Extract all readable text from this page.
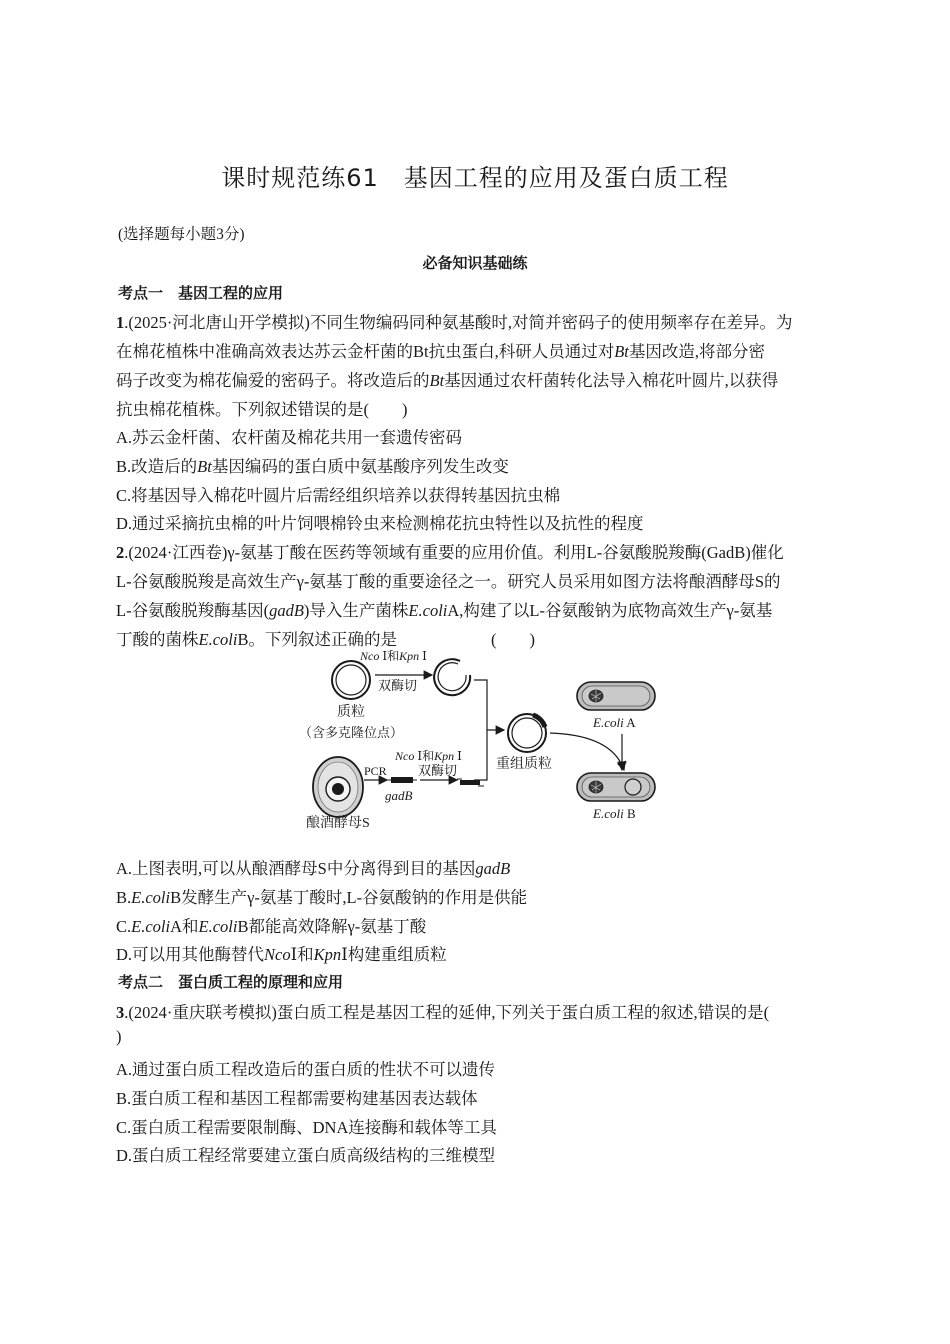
课时规范练61　基因工程的应用及蛋白质工程
(选择题每小题3分)
必备知识基础练
考点一　基因工程的应用
1.(2025·河北唐山开学模拟)不同生物编码同种氨基酸时,对简并密码子的使用频率存在差异。为
在棉花植株中准确高效表达苏云金杆菌的Bt抗虫蛋白,科研人员通过对Bt基因改造,将部分密
码子改变为棉花偏爱的密码子。将改造后的Bt基因通过农杆菌转化法导入棉花叶圆片,以获得
抗虫棉花植株。下列叙述错误的是(　　)
A.苏云金杆菌、农杆菌及棉花共用一套遗传密码
B.改造后的Bt基因编码的蛋白质中氨基酸序列发生改变
C.将基因导入棉花叶圆片后需经组织培养以获得转基因抗虫棉
D.通过采摘抗虫棉的叶片饲喂棉铃虫来检测棉花抗虫特性以及抗性的程度
2.(2024·江西卷)γ-氨基丁酸在医药等领域有重要的应用价值。利用L-谷氨酸脱羧酶(GadB)催化
L-谷氨酸脱羧是高效生产γ-氨基丁酸的重要途径之一。研究人员采用如图方法将酿酒酵母S的
L-谷氨酸脱羧酶基因(gadB)导入生产菌株E.coliA,构建了以L-谷氨酸钠为底物高效生产γ-氨基
丁酸的菌株E.coliB。下列叙述正确的是	(　　)
质粒
（含多克隆位点）
Nco Ⅰ和Kpn Ⅰ
双酶切
重组质粒
E.coli A
E.coli B
酿酒酵母S
PCR
gadB
Nco Ⅰ和Kpn Ⅰ
双酶切
A.上图表明,可以从酿酒酵母S中分离得到目的基因gadB
B.E.coliB发酵生产γ-氨基丁酸时,L-谷氨酸钠的作用是供能
C.E.coliA和E.coliB都能高效降解γ-氨基丁酸
D.可以用其他酶替代NcoⅠ和KpnⅠ构建重组质粒
考点二　蛋白质工程的原理和应用
3.(2024·重庆联考模拟)蛋白质工程是基因工程的延伸,下列关于蛋白质工程的叙述,错误的是(
)
A.通过蛋白质工程改造后的蛋白质的性状不可以遗传
B.蛋白质工程和基因工程都需要构建基因表达载体
C.蛋白质工程需要限制酶、DNA连接酶和载体等工具
D.蛋白质工程经常要建立蛋白质高级结构的三维模型
